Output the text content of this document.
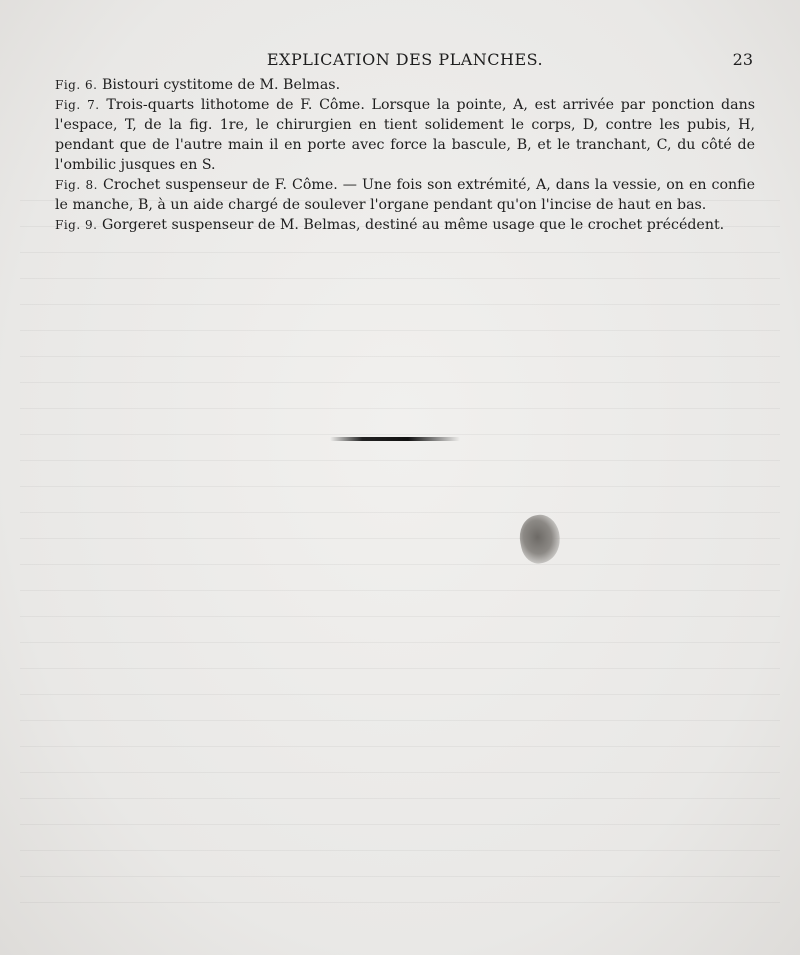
EXPLICATION DES PLANCHES.	23

Fig. 6. Bistouri cystitome de M. Belmas.

Fig. 7. Trois-quarts lithotome de F. Côme. Lorsque la pointe, A, est arrivée par ponction dans l'espace, T, de la fig. 1re, le chirurgien en tient solidement le corps, D, contre les pubis, H, pendant que de l'autre main il en porte avec force la bascule, B, et le tranchant, C, du côté de l'ombilic jusques en S.

Fig. 8. Crochet suspenseur de F. Côme. — Une fois son extrémité, A, dans la vessie, on en confie le manche, B, à un aide chargé de soulever l'organe pendant qu'on l'incise de haut en bas.

Fig. 9. Gorgeret suspenseur de M. Belmas, destiné au même usage que le crochet précédent.
